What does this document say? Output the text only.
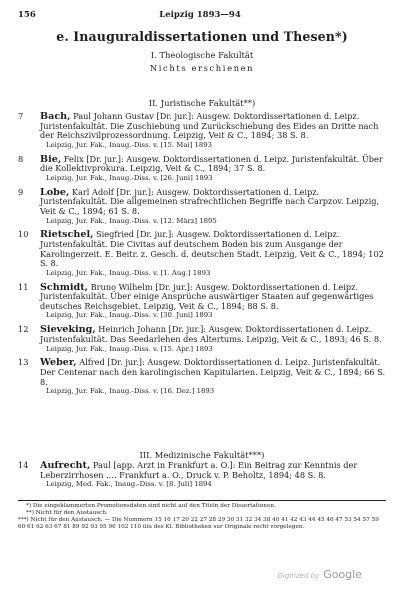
156	Leipzig 1893—94
e. Inauguraldissertationen und Thesen*)
I. Theologische Fakultät
Nichts erschienen
II. Juristische Fakultät**)
7 Bach, Paul Johann Gustav [Dr. jur.]: Ausgew. Doktordissertationen d. Leipz. Juristenfakultät. Die Zuschiebung und Zurückschiebung des Eides an Dritte nach der Reichszivilprozessordnung. Leipzig, Veit & C., 1894; 38 S. 8.
Leipzig, Jur. Fak., Inaug.-Diss. v. [15. Mai] 1893
8 Bie, Felix [Dr. jur.]: Ausgew. Doktordissertationen d. Leipz. Juristenfakultät. Über die Kollektivprokura. Leipzig, Veit & C., 1894; 37 S. 8.
Leipzig, Jur. Fak., Inaug.-Diss. v. [26. Juni] 1893
9 Lobe, Karl Adolf [Dr. jur.]: Ausgew. Doktordissertationen d. Leipz. Juristenfakultät. Die allgemeinen strafrechtlichen Begriffe nach Carpzov. Leipzig, Veit & C., 1894; 61 S. 8.
Leipzig, Jur. Fak., Inaug.-Diss. v. [12. März] 1895
10 Rietschel, Siegfried [Dr. jur.]: Ausgew. Doktordissertationen d. Leipz. Juristenfakultät. Die Civitas auf deutschem Boden bis zum Ausgange der Karolingerzeit. E. Beitr. z. Gesch. d. deutschen Stadt. Leipzig, Veit & C., 1894; 102 S. 8.
Leipzig, Jur. Fak., Inaug.-Diss. v. [1. Aug.] 1893
11 Schmidt, Bruno Wilhelm [Dr. jur.]: Ausgew. Doktordissertationen d. Leipz. Juristenfakultät. Über einige Ansprüche auswärtiger Staaten auf gegenwärtiges deutsches Reichsgebiet. Leipzig, Veit & C., 1894; 88 S. 8.
Leipzig, Jur. Fak., Inaug.-Diss. v. [30. Juni] 1893
12 Sieveking, Heinrich Johann [Dr. jur.]: Ausgew. Doktordissertationen d. Leipz. Juristenfakultät. Das Seedarlehen des Altertums. Leipzig, Veit & C., 1893; 46 S. 8.
Leipzig, Jur. Fak., Inaug.-Diss. v. [15. Apr.] 1893
13 Weber, Alfred [Dr. jur.]: Ausgew. Doktordissertationen d. Leipz. Juristenfakultät. Der Centenar nach den karolingischen Kapitularien. Leipzig, Veit & C., 1894; 66 S. 8.
Leipzig, Jur. Fak., Inaug.-Diss. v. [16. Dez.] 1893
III. Medizinische Fakultät***)
14 Aufrecht, Paul [app. Arzt in Frankfurt a. O.]: Ein Beitrag zur Kenntnis der Leberzirrhosen .... Frankfurt a. O., Druck v. P. Beholtz, 1894; 48 S. 8.
Leipzig, Med. Fak., Inaug.-Diss. v. [8. Juli] 1894

*) Die eingeklammerten Promotionsdaten sind nicht auf den Titeln der Dissertationen.

**) Nicht für den Austausch.

***) Nicht für den Austausch. — Die Nummern 15 16 17 20 22 27 28 29 30 31 32 34 38 40 41 42 43 44 45 46 47 53 54 57 59 60 61 62 63 67 81 89 92 93 95 96 102 110 iliu des Kl. Bibliotheken sur Originale recht vorgelegen.

Digitized by Google
